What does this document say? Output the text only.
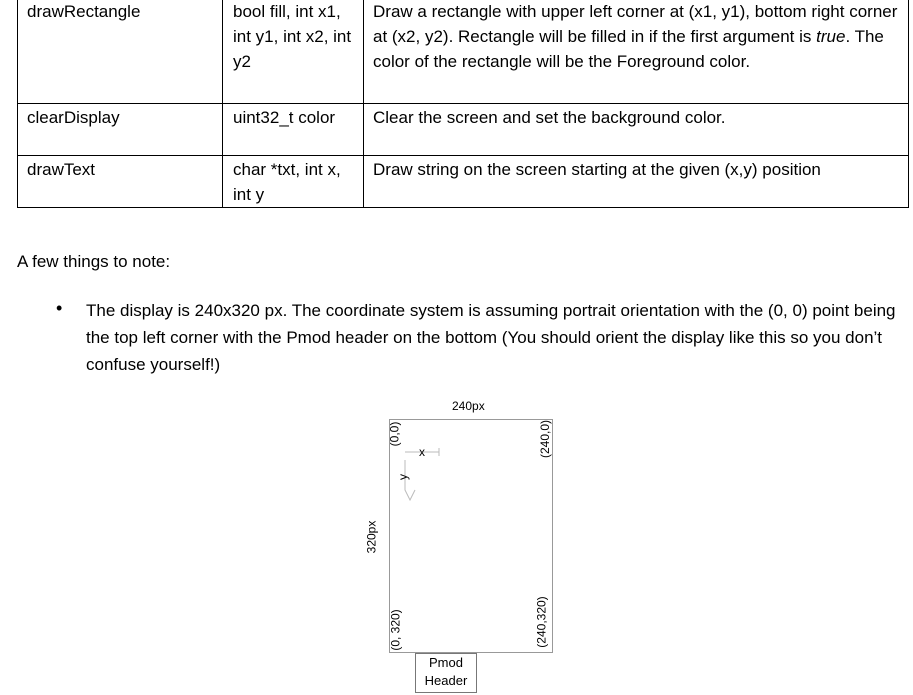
drawRectangle	bool fill, int x1, int y1, int x2, int y2	Draw a rectangle with upper left corner at (x1, y1), bottom right corner at (x2, y2). Rectangle will be filled in if the first argument is true. The color of the rectangle will be the Foreground color.
clearDisplay	uint32_t color	Clear the screen and set the background color.
drawText	char *txt, int x, int y	Draw string on the screen starting at the given (x,y) position
A few things to note:
• The display is 240x320 px. The coordinate system is assuming portrait orientation with the (0, 0) point being the top left corner with the Pmod header on the bottom (You should orient the display like this so you don’t confuse yourself!)
240px
320px
(0,0)	(240,0)
(0, 320)	(240,320)
x
y
Pmod
Header
